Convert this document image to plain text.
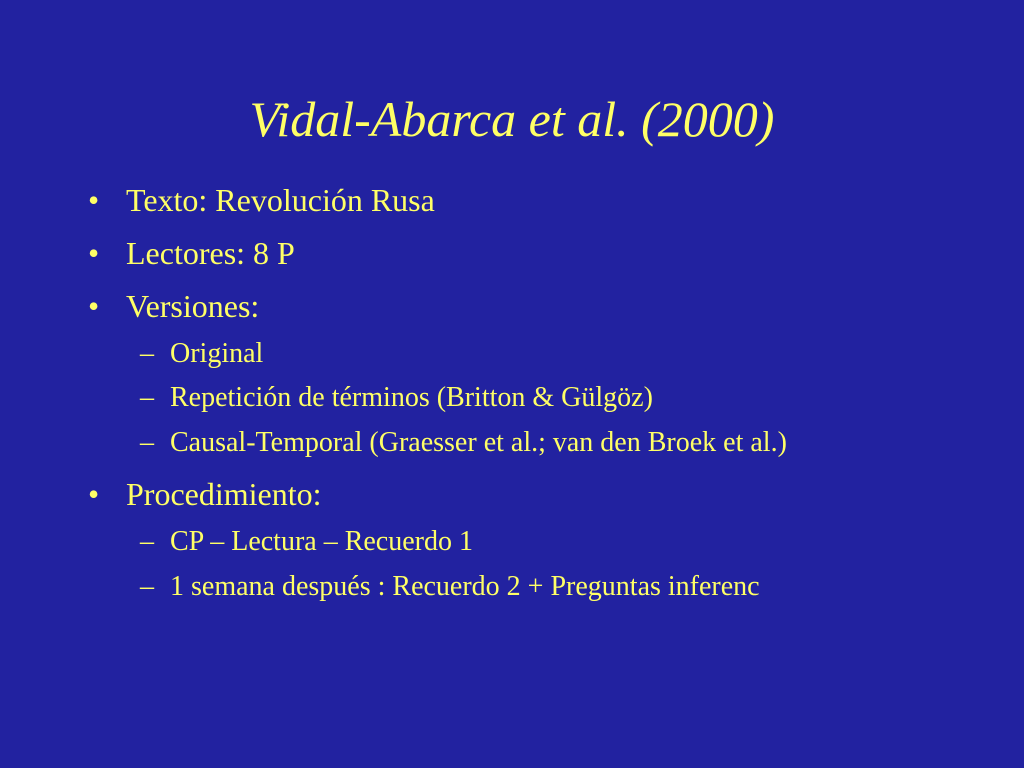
Vidal-Abarca et al. (2000)
• Texto: Revolución Rusa
• Lectores: 8 P
• Versiones:
– Original
– Repetición de términos (Britton & Gülgöz)
– Causal-Temporal (Graesser et al.; van den Broek et al.)
• Procedimiento:
– CP – Lectura – Recuerdo 1
– 1 semana después : Recuerdo 2 + Preguntas inferenc
